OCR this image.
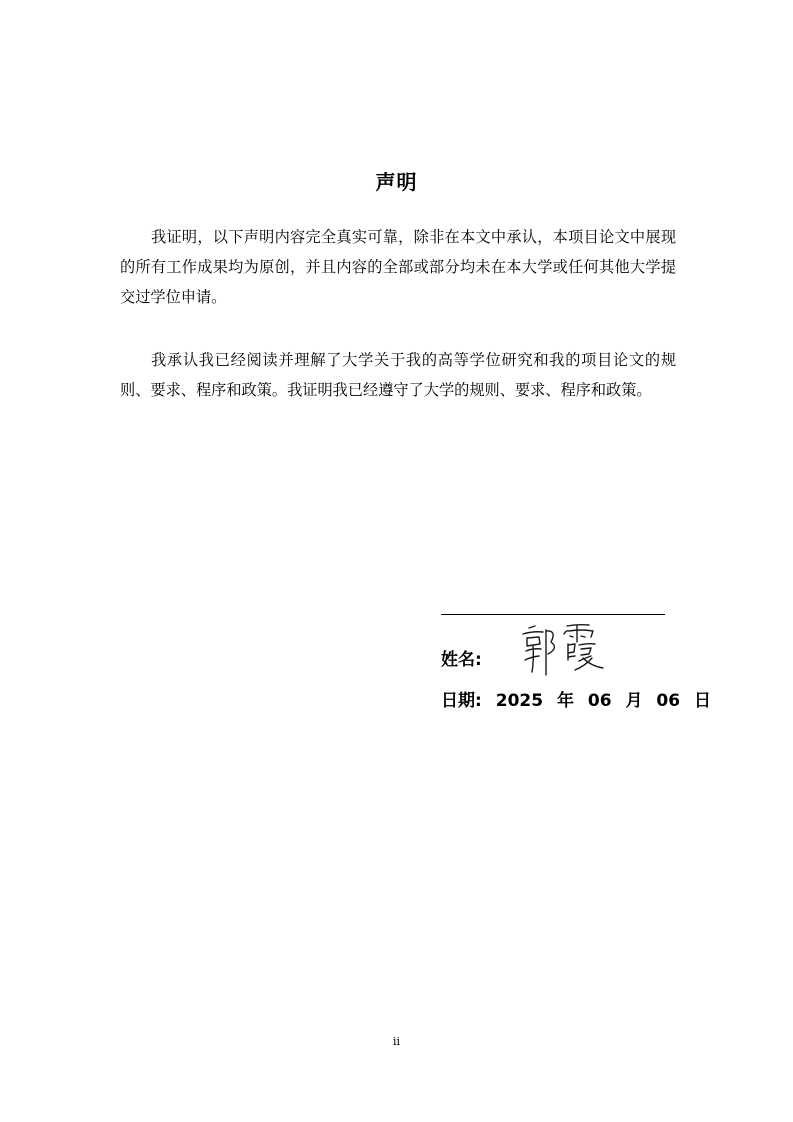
声明

我证明，以下声明内容完全真实可靠，除非在本文中承认，本项目论文中展现的所有工作成果均为原创，并且内容的全部或部分均未在本大学或任何其他大学提交过学位申请。

我承认我已经阅读并理解了大学关于我的高等学位研究和我的项目论文的规则、要求、程序和政策。我证明我已经遵守了大学的规则、要求、程序和政策。

姓名:
日期: 2025 年 06 月 06 日
ii
